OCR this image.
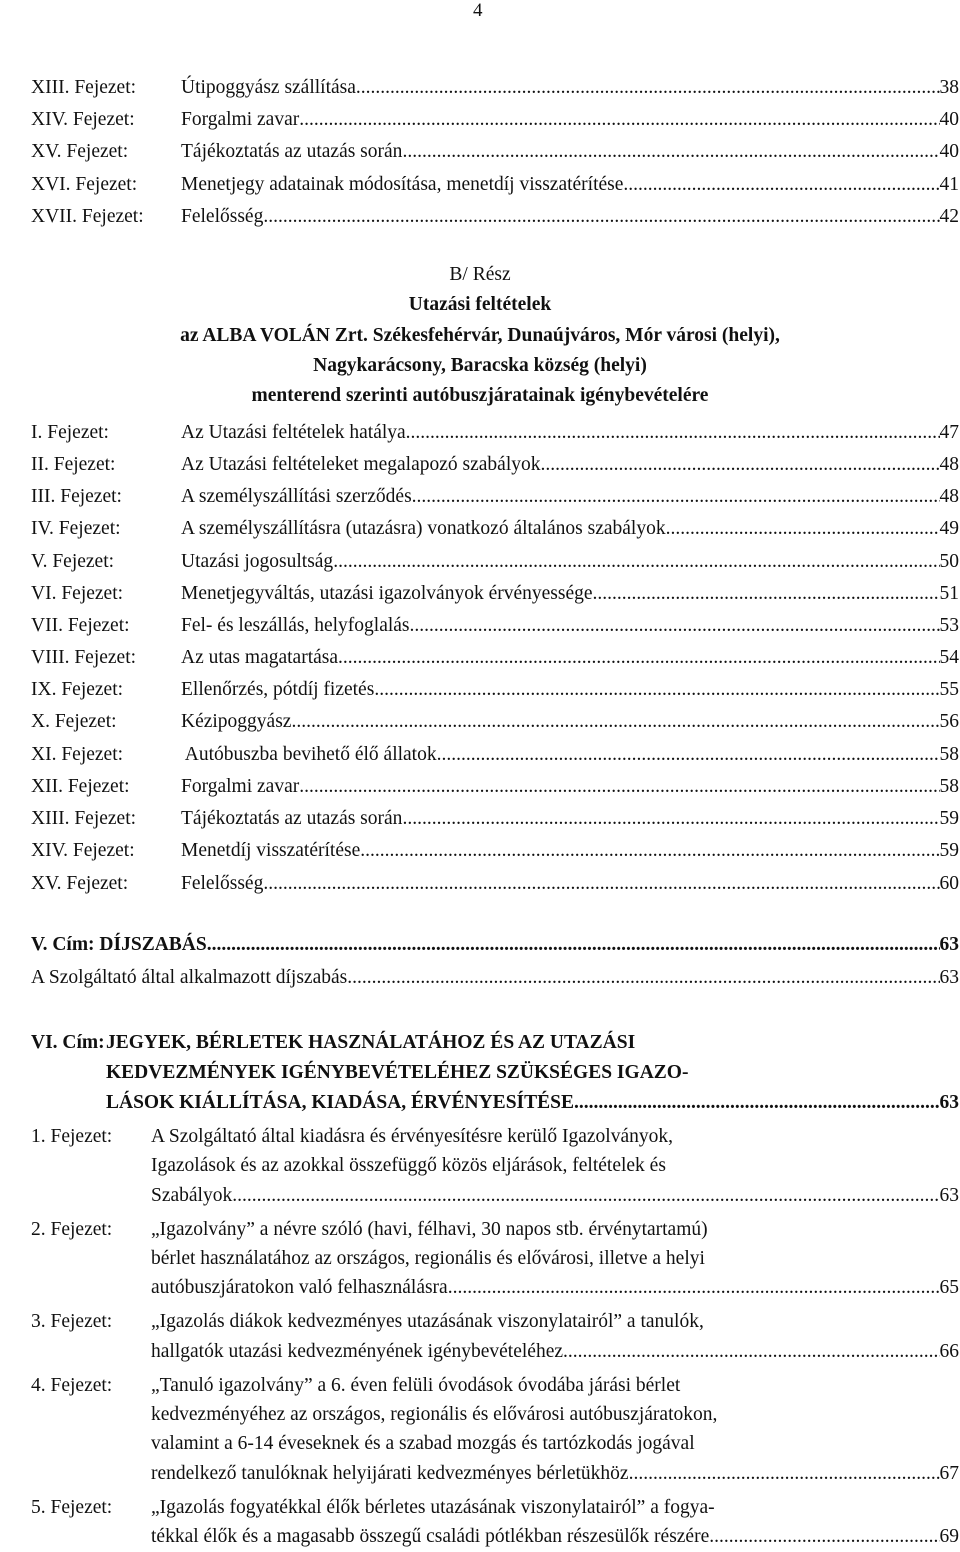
4
XIII. Fejezet:	Útipoggyász szállítása .....	38
XIV. Fejezet:	Forgalmi zavar .....	40
XV. Fejezet:	Tájékoztatás az utazás során .....	40
XVI. Fejezet:	Menetjegy adatainak módosítása, menetdíj visszatérítése .....	41
XVII. Fejezet:	Felelősség .....	42
B/ Rész
Utazási feltételek
az ALBA VOLÁN Zrt. Székesfehérvár, Dunaújváros, Mór városi (helyi),
Nagykarácsony, Baracska község (helyi)
menterend szerinti autóbuszjáratainak igénybevételére
I. Fejezet:	Az Utazási feltételek hatálya .....	47
II. Fejezet:	Az Utazási feltételeket megalapozó szabályok .....	48
III. Fejezet:	A személyszállítási szerződés .....	48
IV. Fejezet:	A személyszállításra (utazásra) vonatkozó általános szabályok .....	49
V. Fejezet:	Utazási jogosultság .....	50
VI. Fejezet:	Menetjegyváltás, utazási igazolványok érvényessége .....	51
VII. Fejezet:	Fel- és leszállás, helyfoglalás .....	53
VIII. Fejezet:	Az utas magatartása .....	54
IX. Fejezet:	Ellenőrzés, pótdíj fizetés .....	55
X. Fejezet:	Kézipoggyász .....	56
XI. Fejezet:	Autóbuszba bevihető élő állatok .....	58
XII. Fejezet:	Forgalmi zavar .....	58
XIII. Fejezet:	Tájékoztatás az utazás során .....	59
XIV. Fejezet:	Menetdíj visszatérítése .....	59
XV. Fejezet:	Felelősség .....	60
V. Cím: DÍJSZABÁS .....	63
A Szolgáltató által alkalmazott díjszabás .....	63
VI. Cím: JEGYEK, BÉRLETEK HASZNÁLATÁHOZ ÉS AZ UTAZÁSI
KEDVEZMÉNYEK IGÉNYBEVÉTELÉHEZ SZÜKSÉGES IGAZO-
LÁSOK KIÁLLÍTÁSA, KIADÁSA, ÉRVÉNYESÍTÉSE .....	63
1. Fejezet: A Szolgáltató által kiadásra és érvényesítésre kerülő Igazolványok,
Igazolások és az azokkal összefüggő közös eljárások, feltételek és
Szabályok .....	63
2. Fejezet: „Igazolvány” a névre szóló (havi, félhavi, 30 napos stb. érvénytartamú)
bérlet használatához az országos, regionális és elővárosi, illetve a helyi
autóbuszjáratokon való felhasználásra .....	65
3. Fejezet: „Igazolás diákok kedvezményes utazásának viszonylatairól” a tanulók,
hallgatók utazási kedvezményének igénybevételéhez .....	66
4. Fejezet: „Tanuló igazolvány” a 6. éven felüli óvodások óvodába járási bérlet
kedvezményéhez az országos, regionális és elővárosi autóbuszjáratokon,
valamint a 6-14 éveseknek és a szabad mozgás és tartózkodás jogával
rendelkező tanulóknak helyijárati kedvezményes bérletükhöz .....	67
5. Fejezet: „Igazolás fogyatékkal élők bérletes utazásának viszonylatairól” a fogya-
tékkal élők és a magasabb összegű családi pótlékban részesülők részére .....	69
